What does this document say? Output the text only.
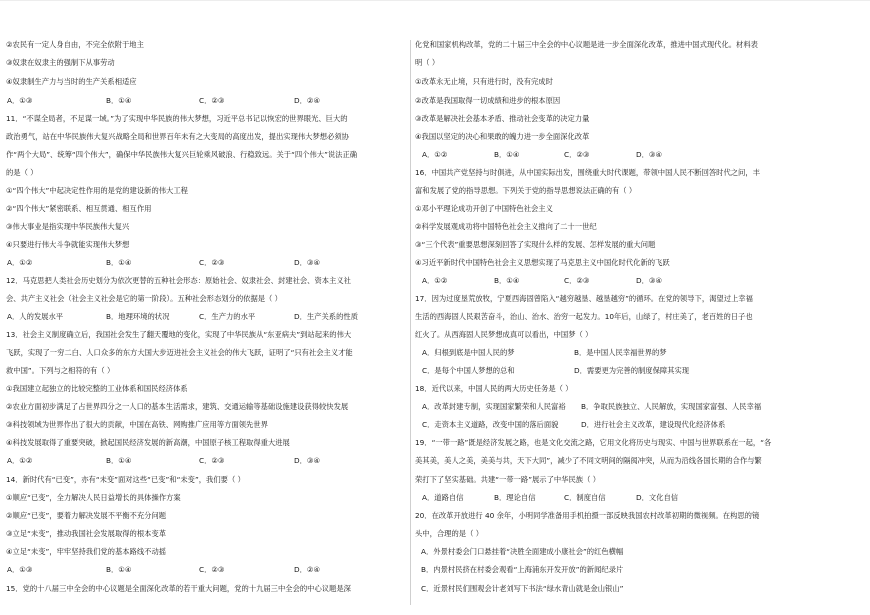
②农民有一定人身自由，不完全依附于地主
③奴隶在奴隶主的强制下从事劳动
④奴隶制生产力与当时的生产关系相适应
A．①③	B．①④	C．②③	D．②④
11．“不谋全局者，不足谋一域。”为了实现中华民族的伟大梦想，习近平总书记以恢宏的世界眼光、巨大的
政治勇气，站在中华民族伟大复兴战略全局和世界百年未有之大变局的高度出发，提出实现伟大梦想必须协
作“两个大局”、统筹“四个伟大”，确保中华民族伟大复兴巨轮乘风破浪、行稳致远。关于“四个伟大”说法正确
的是（ ）
①“四个伟大”中起决定性作用的是党的建设新的伟大工程
②“四个伟大”紧密联系、相互贯通、相互作用
③伟大事业是指实现中华民族伟大复兴
④只要进行伟大斗争就能实现伟大梦想
A．①②	B．①④	C．②③	D．③④
12．马克思把人类社会历史划分为依次更替的五种社会形态：原始社会、奴隶社会、封建社会、资本主义社
会、共产主义社会（社会主义社会是它的第一阶段）。五种社会形态划分的依据是（ ）
A．人的发展水平	B．地理环境的状况	C．生产力的水平	D．生产关系的性质
13．社会主义制度确立后，我国社会发生了翻天覆地的变化，实现了中华民族从“东亚病夫”到站起来的伟大
飞跃，实现了一穷二白、人口众多的东方大国大步迈进社会主义社会的伟大飞跃，证明了“只有社会主义才能
救中国”。下列与之相符的有（ ）
①我国建立起独立的比较完整的工业体系和国民经济体系
②农业方面初步满足了占世界四分之一人口的基本生活需求，建筑、交通运输等基础设施建设获得较快发展
③科技领域为世界作出了很大的贡献，中国在高铁、网购推广应用等方面领先世界
④科技发展取得了重要突破，掀起国民经济发展的新高潮，中国原子核工程取得重大进展
A．①②	B．①④	C．②③	D．③④
14．新时代有“已变”，亦有“未变”面对这些“已变”和“未变”，我们要（ ）
①顺应“已变”，全力解决人民日益增长的具体操作方案
②顺应“已变”，要着力解决发展不平衡不充分问题
③立足“未变”，推动我国社会发展取得的根本变革
④立足“未变”，牢牢坚持我们党的基本路线不动摇
A．①③	B．①④	C．②③	D．②④
15．党的十八届三中全会的中心议题是全面深化改革的若干重大问题，党的十九届三中全会的中心议题是深
化党和国家机构改革，党的二十届三中全会的中心议题是进一步全面深化改革，推进中国式现代化。材料表
明（ ）
①改革永无止境，只有进行时，没有完成时
②改革是我国取得一切成绩和进步的根本原因
③改革是解决社会基本矛盾、推动社会变革的决定力量
④我国以坚定的决心和果敢的魄力进一步全面深化改革
A．①②	B．①④	C．②③	D．③④
16．中国共产党坚持与时俱进，从中国实际出发，围绕重大时代课题，带领中国人民不断回答时代之问，丰
富和发展了党的指导思想。下列关于党的指导思想说法正确的有（ ）
①邓小平理论成功开创了中国特色社会主义
②科学发展观成功将中国特色社会主义推向了二十一世纪
③“三个代表”重要思想深刻回答了实现什么样的发展、怎样发展的重大问题
④习近平新时代中国特色社会主义思想实现了马克思主义中国化时代化新的飞跃
A．①②	B．①④	C．②③	D．③④
17．因为过度垦荒放牧，宁夏西海固曾陷入“越穷越垦、越垦越穷”的循环。在党的领导下，渴望过上幸福
生活的西海固人民艰苦奋斗，治山、治水、治穷一起发力。10年后，山绿了，村庄美了，老百姓的日子也
红火了。从西海固人民梦想成真可以看出，中国梦（ ）
A．归根到底是中国人民的梦	B．是中国人民幸福世界的梦
C．是每个中国人梦想的总和	D．需要更为完善的制度保障其实现
18．近代以来，中国人民的两大历史任务是（ ）
A．改革封建专制，实现国家繁荣和人民富裕 B．争取民族独立、人民解放，实现国家富强、人民幸福
C．走资本主义道路，改变中国的落后面貌	D．进行社会主义改革，建设现代化经济体系
19．“一带一路”既是经济发展之路，也是文化交流之路，它用文化将历史与现实、中国与世界联系在一起，“各
美其美，美人之美，美美与共，天下大同”，减少了不同文明间的隔阂冲突，从而为沿线各国长期的合作与繁
荣打下了坚实基础。共建“一带一路”展示了中华民族（ ）
A．道路自信	B．理论自信	C．制度自信	D．文化自信
20．在改革开放进行 40 余年，小明同学准备用手机拍摄一部反映我国农村改革初期的微视频。在构思的镜
头中，合理的是（ ）
A．外景村委会门口悬挂着“决胜全面建成小康社会”的红色横幅
B．内景村民挤在村委会观看“上海浦东开发开放”的新闻纪录片
C．近景村民们围观会计老刘写下书法“绿水青山就是金山银山”
